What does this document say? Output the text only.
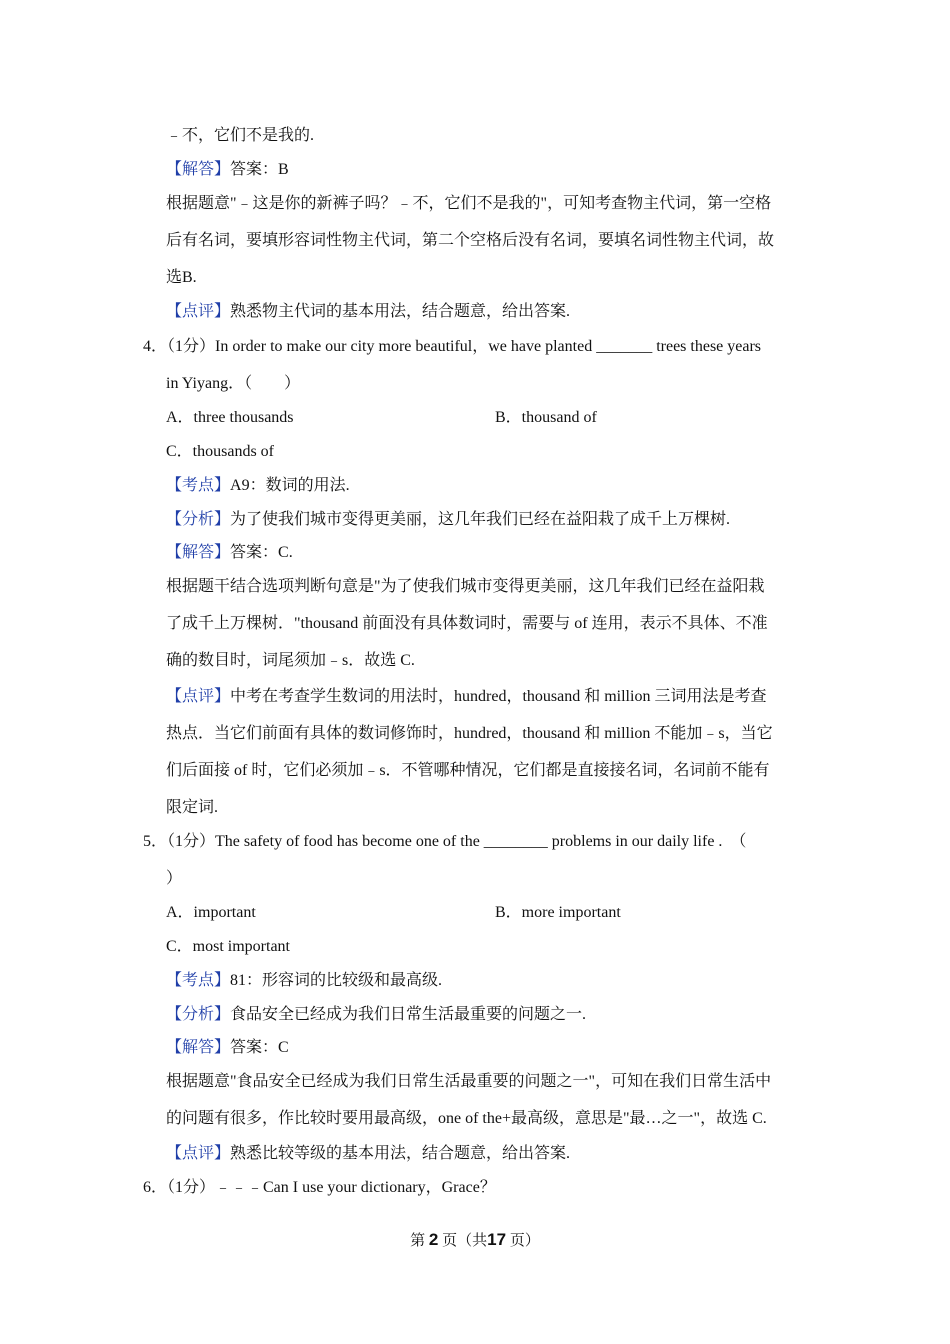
﹣不，它们不是我的.
【解答】答案：B
根据题意"﹣这是你的新裤子吗？﹣不，它们不是我的"，可知考查物主代词，第一空格
后有名词，要填形容词性物主代词，第二个空格后没有名词，要填名词性物主代词，故
选B.
【点评】熟悉物主代词的基本用法，结合题意，给出答案.
4．（1分）In order to make our city more beautiful，we have planted _______ trees these years
in Yiyang．（　　）
A．three thousands	B．thousand of
C．thousands of
【考点】A9：数词的用法.
【分析】为了使我们城市变得更美丽，这几年我们已经在益阳栽了成千上万棵树.
【解答】答案：C.
根据题干结合选项判断句意是"为了使我们城市变得更美丽，这几年我们已经在益阳栽
了成千上万棵树．"thousand 前面没有具体数词时，需要与 of 连用，表示不具体、不准
确的数目时，词尾须加﹣s．故选 C.
【点评】中考在考查学生数词的用法时，hundred，thousand 和 million 三词用法是考查
热点．当它们前面有具体的数词修饰时，hundred，thousand 和 million 不能加﹣s，当它
们后面接 of 时，它们必须加﹣s．不管哪种情况，它们都是直接接名词，名词前不能有
限定词.
5．（1分）The safety of food has become one of the ________ problems in our daily life .  （
）
A．important	B．more important
C．most important
【考点】81：形容词的比较级和最高级.
【分析】食品安全已经成为我们日常生活最重要的问题之一.
【解答】答案：C
根据题意"食品安全已经成为我们日常生活最重要的问题之一"，可知在我们日常生活中
的问题有很多，作比较时要用最高级，one of the+最高级，意思是"最…之一"，故选 C.
【点评】熟悉比较等级的基本用法，结合题意，给出答案.
6．（1分）﹣﹣﹣Can I use your dictionary，Grace？
第 2 页（共17 页）
